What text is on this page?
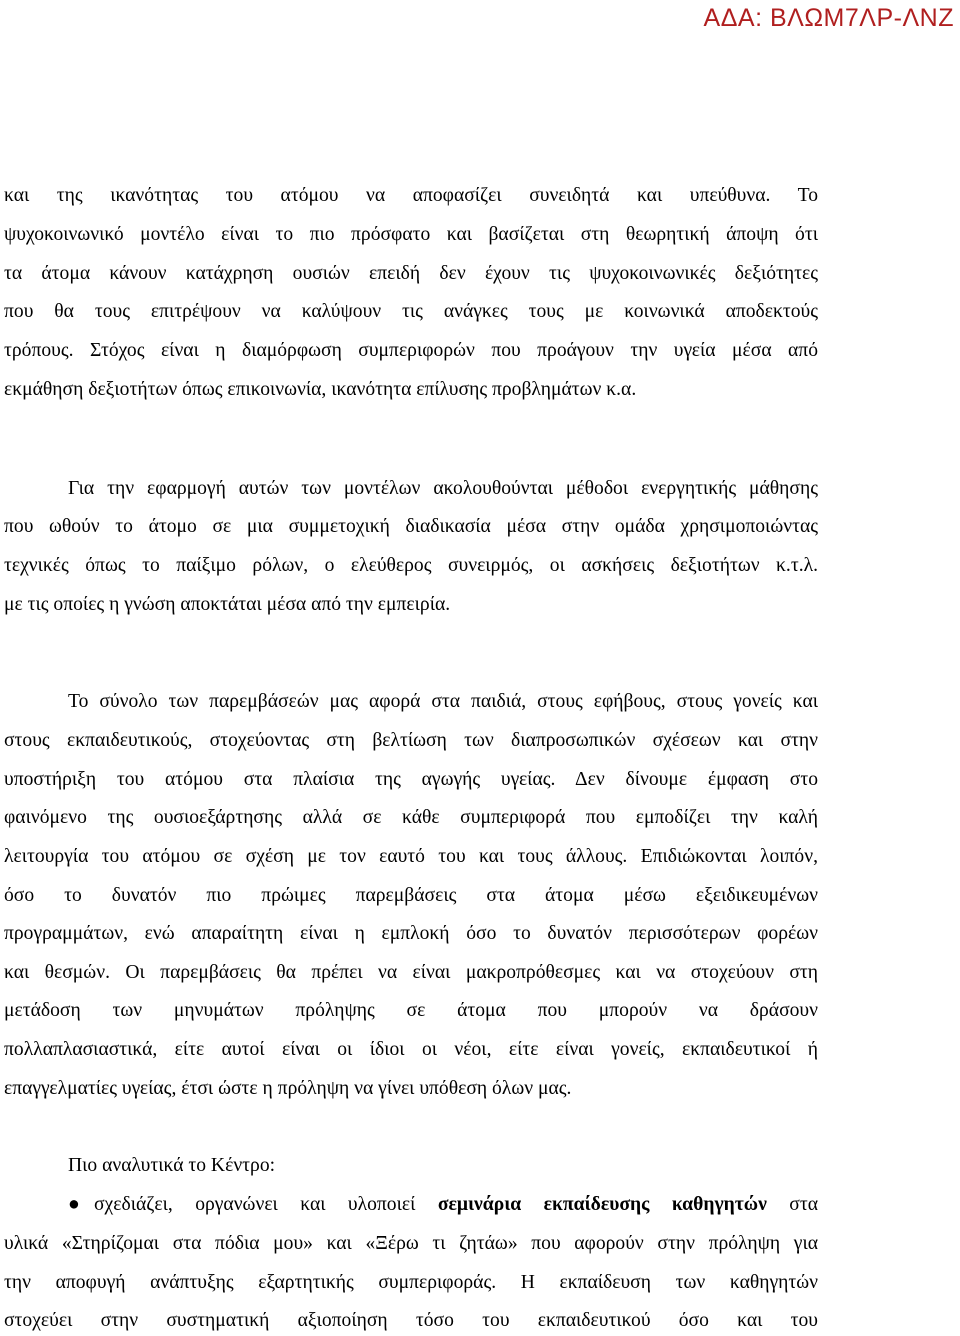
ΑΔΑ: ΒΛΩΜ7ΛΡ-ΛΝΖ
και της ικανότητας του ατόμου να αποφασίζει συνειδητά και υπεύθυνα. Το
ψυχοκοινωνικό μοντέλο είναι το πιο πρόσφατο και βασίζεται στη θεωρητική άποψη ότι
τα άτομα κάνουν κατάχρηση ουσιών επειδή δεν έχουν τις ψυχοκοινωνικές δεξιότητες
που θα τους επιτρέψουν να καλύψουν τις ανάγκες τους με κοινωνικά αποδεκτούς
τρόπους. Στόχος είναι η διαμόρφωση συμπεριφορών που προάγουν την υγεία μέσα από
εκμάθηση δεξιοτήτων όπως επικοινωνία, ικανότητα επίλυσης προβλημάτων κ.α.
Για την εφαρμογή αυτών των μοντέλων ακολουθούνται μέθοδοι ενεργητικής μάθησης
που ωθούν το άτομο σε μια συμμετοχική διαδικασία μέσα στην ομάδα χρησιμοποιώντας
τεχνικές όπως το παίξιμο ρόλων, ο ελεύθερος συνειρμός, οι ασκήσεις δεξιοτήτων κ.τ.λ.
με τις οποίες η γνώση αποκτάται μέσα από την εμπειρία.
Το σύνολο των παρεμβάσεών μας αφορά στα παιδιά, στους εφήβους, στους γονείς και
στους εκπαιδευτικούς, στοχεύοντας στη βελτίωση των διαπροσωπικών σχέσεων και στην
υποστήριξη του ατόμου στα πλαίσια της αγωγής υγείας. Δεν δίνουμε έμφαση στο
φαινόμενο της ουσιοεξάρτησης αλλά σε κάθε συμπεριφορά που εμποδίζει την καλή
λειτουργία του ατόμου σε σχέση με τον εαυτό του και τους άλλους. Επιδιώκονται λοιπόν,
όσο το δυνατόν πιο πρώιμες παρεμβάσεις στα άτομα μέσω εξειδικευμένων
προγραμμάτων, ενώ απαραίτητη είναι η εμπλοκή όσο το δυνατόν περισσότερων φορέων
και θεσμών. Οι παρεμβάσεις θα πρέπει να είναι μακροπρόθεσμες και να στοχεύουν στη
μετάδοση των μηνυμάτων πρόληψης σε άτομα που μπορούν να δράσουν
πολλαπλασιαστικά, είτε αυτοί είναι οι ίδιοι οι νέοι, είτε είναι γονείς, εκπαιδευτικοί ή
επαγγελματίες υγείας, έτσι ώστε η πρόληψη να γίνει υπόθεση όλων μας.
Πιο αναλυτικά το Κέντρο:
● σχεδιάζει, οργανώνει και υλοποιεί σεμινάρια εκπαίδευσης καθηγητών στα
υλικά «Στηρίζομαι στα πόδια μου» και «Ξέρω τι ζητάω» που αφορούν στην πρόληψη για
την αποφυγή ανάπτυξης εξαρτητικής συμπεριφοράς. Η εκπαίδευση των καθηγητών
στοχεύει στην συστηματική αξιοποίηση τόσο του εκπαιδευτικού όσο και του
